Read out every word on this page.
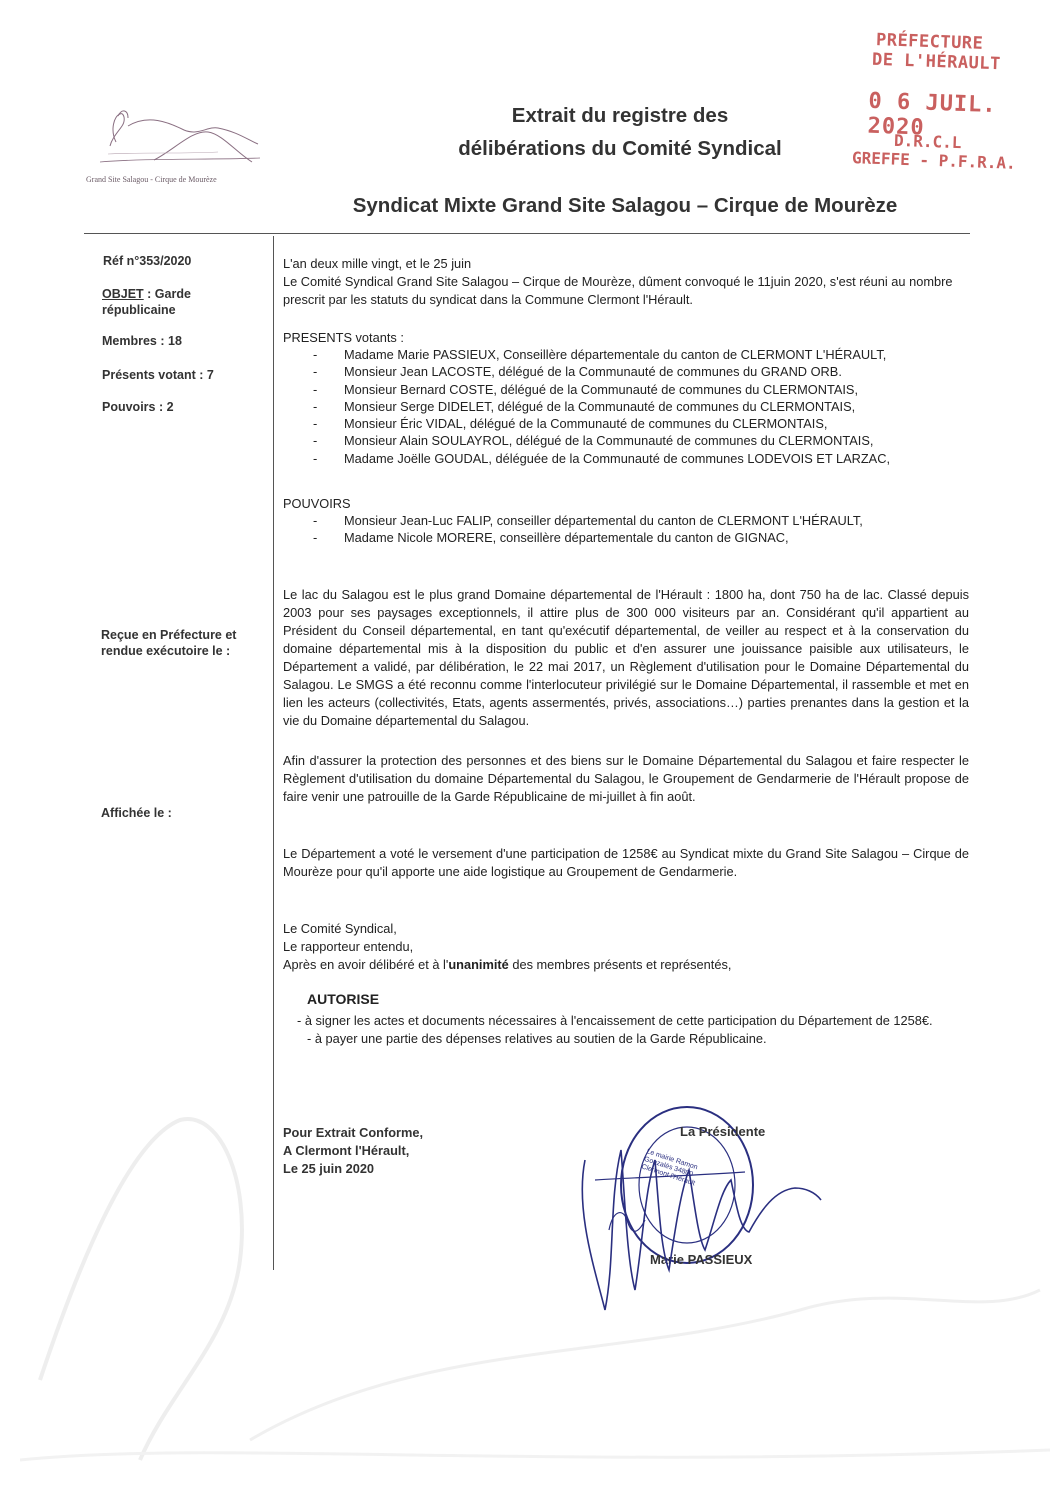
PRÉFECTURE
DE L'HÉRAULT
0 6 JUIL. 2020
D.R.C.L
GREFFE - P.F.R.A.
Grand Site Salagou - Cirque de Mourèze
Extrait du registre des
délibérations du Comité Syndical
Syndicat Mixte Grand Site Salagou – Cirque de Mourèze
Réf n°353/2020
OBJET : Garde républicaine
Membres : 18
Présents votant : 7
Pouvoirs : 2
Reçue en Préfecture et rendue exécutoire le :
Affichée le :
L'an deux mille vingt, et le 25 juin
Le Comité Syndical Grand Site Salagou – Cirque de Mourèze, dûment convoqué le 11juin 2020, s'est réuni au nombre prescrit par les statuts du syndicat dans la Commune Clermont l'Hérault.
PRESENTS votants :
- Madame Marie PASSIEUX, Conseillère départementale du canton de CLERMONT L'HÉRAULT,
- Monsieur Jean LACOSTE, délégué de la Communauté de communes du GRAND ORB.
- Monsieur Bernard COSTE, délégué de la Communauté de communes du CLERMONTAIS,
- Monsieur Serge DIDELET, délégué de la Communauté de communes du CLERMONTAIS,
- Monsieur Éric VIDAL, délégué de la Communauté de communes du CLERMONTAIS,
- Monsieur Alain SOULAYROL, délégué de la Communauté de communes du CLERMONTAIS,
- Madame Joëlle GOUDAL, déléguée de la Communauté de communes LODEVOIS ET LARZAC,
POUVOIRS
- Monsieur Jean-Luc FALIP, conseiller départemental du canton de CLERMONT L'HÉRAULT,
- Madame Nicole MORERE, conseillère départementale du canton de GIGNAC,
Le lac du Salagou est le plus grand Domaine départemental de l'Hérault : 1800 ha, dont 750 ha de lac. Classé depuis 2003 pour ses paysages exceptionnels, il attire plus de 300 000 visiteurs par an. Considérant qu'il appartient au Président du Conseil départemental, en tant qu'exécutif départemental, de veiller au respect et à la conservation du domaine départemental mis à la disposition du public et d'en assurer une jouissance paisible aux utilisateurs, le Département a validé, par délibération, le 22 mai 2017, un Règlement d'utilisation pour le Domaine Départemental du Salagou. Le SMGS a été reconnu comme l'interlocuteur privilégié sur le Domaine Départemental, il rassemble et met en lien les acteurs (collectivités, Etats, agents assermentés, privés, associations…) parties prenantes dans la gestion et la vie du Domaine départemental du Salagou.
Afin d'assurer la protection des personnes et des biens sur le Domaine Départemental du Salagou et faire respecter le Règlement d'utilisation du domaine Départemental du Salagou, le Groupement de Gendarmerie de l'Hérault propose de faire venir une patrouille de la Garde Républicaine de mi-juillet à fin août.
Le Département a voté le versement d'une participation de 1258€ au Syndicat mixte du Grand Site Salagou – Cirque de Mourèze pour qu'il apporte une aide logistique au Groupement de Gendarmerie.
Le Comité Syndical,
Le rapporteur entendu,
Après en avoir délibéré et à l'unanimité des membres présents et représentés,
AUTORISE
- à signer les actes et documents nécessaires à l'encaissement de cette participation du Département de 1258€.
- à payer une partie des dépenses relatives au soutien de la Garde Républicaine.
Pour Extrait Conforme,
A Clermont l'Hérault,
Le 25 juin 2020	Le mairie Ramon Gonzalès 34800 Clermont l'Hérault
La Présidente
Marie PASSIEUX
